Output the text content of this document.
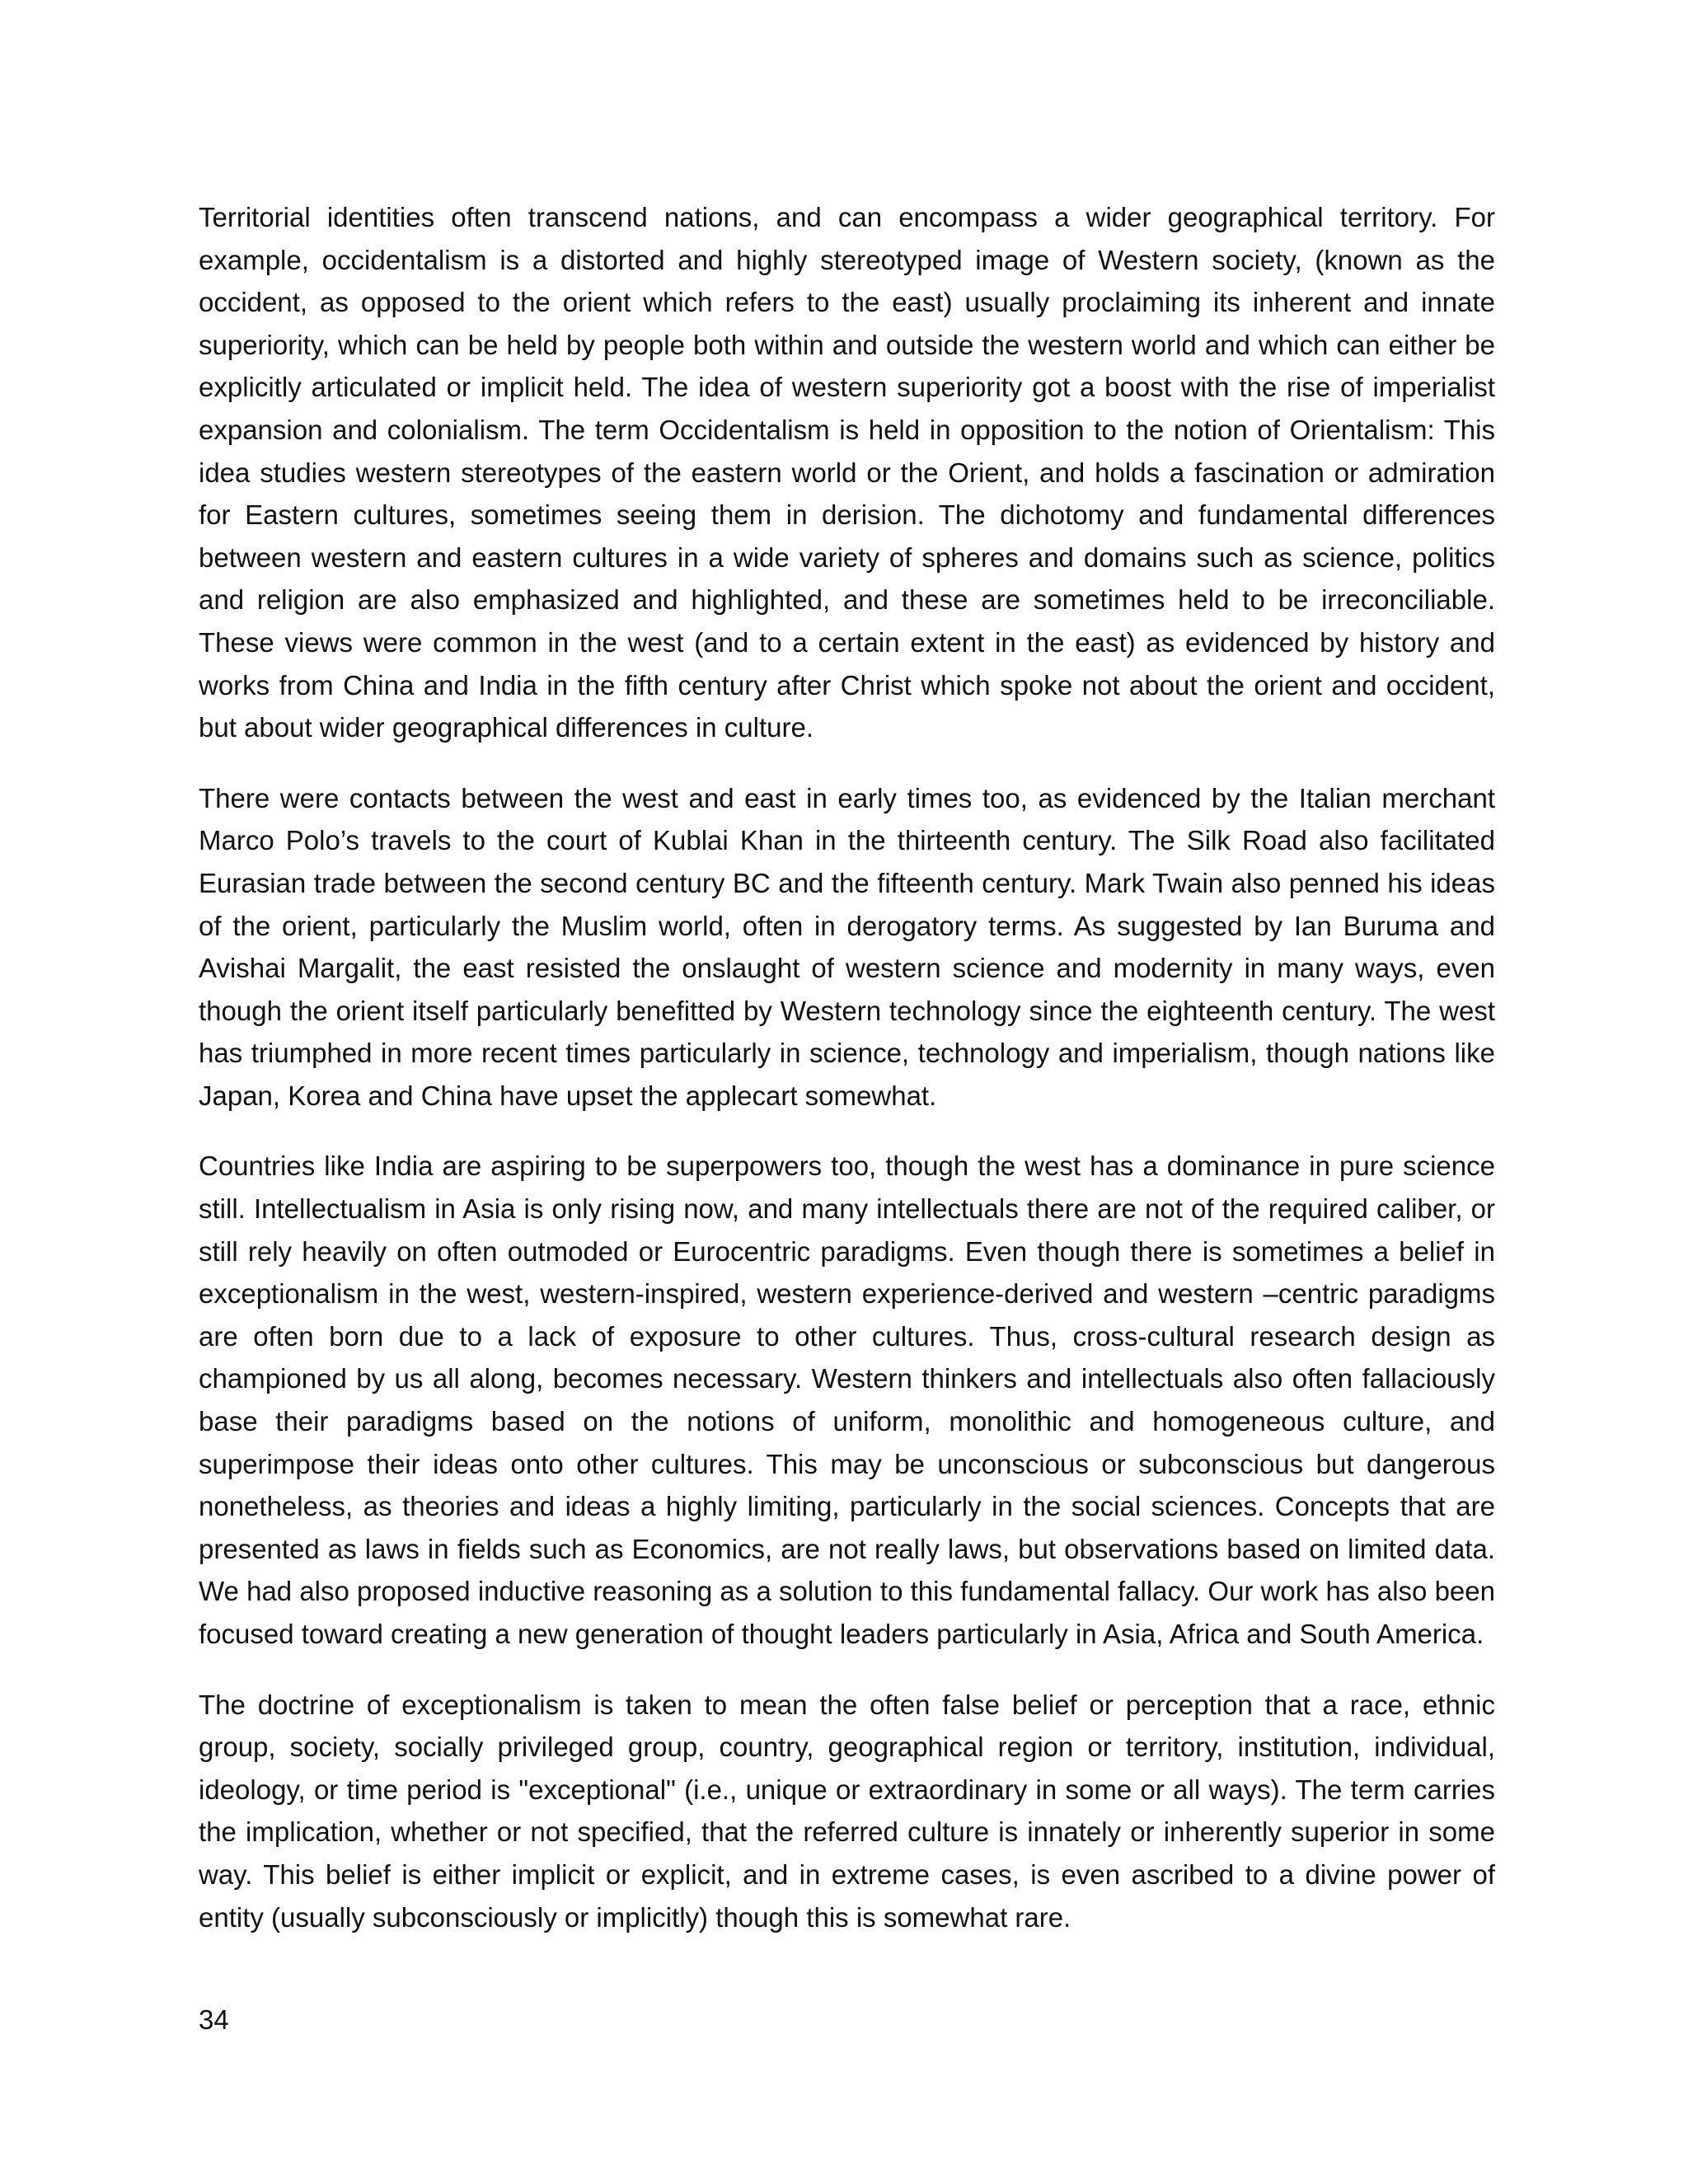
Territorial identities often transcend nations, and can encompass a wider geographical territory. For example, occidentalism is a distorted and highly stereotyped image of Western society, (known as the occident, as opposed to the orient which refers to the east) usually proclaiming its inherent and innate superiority, which can be held by people both within and outside the western world and which can either be explicitly articulated or implicit held. The idea of western superiority got a boost with the rise of imperialist expansion and colonialism. The term Occidentalism is held in opposition to the notion of Orientalism: This idea studies western stereotypes of the eastern world or the Orient, and holds a fascination or admiration for Eastern cultures, sometimes seeing them in derision. The dichotomy and fundamental differences between western and eastern cultures in a wide variety of spheres and domains such as science, politics and religion are also emphasized and highlighted, and these are sometimes held to be irreconciliable. These views were common in the west (and to a certain extent in the east) as evidenced by history and works from China and India in the fifth century after Christ which spoke not about the orient and occident, but about wider geographical differences in culture.

There were contacts between the west and east in early times too, as evidenced by the Italian merchant Marco Polo’s travels to the court of Kublai Khan in the thirteenth century. The Silk Road also facilitated Eurasian trade between the second century BC and the fifteenth century. Mark Twain also penned his ideas of the orient, particularly the Muslim world, often in derogatory terms. As suggested by Ian Buruma and Avishai Margalit, the east resisted the onslaught of western science and modernity in many ways, even though the orient itself particularly benefitted by Western technology since the eighteenth century. The west has triumphed in more recent times particularly in science, technology and imperialism, though nations like Japan, Korea and China have upset the applecart somewhat.

Countries like India are aspiring to be superpowers too, though the west has a dominance in pure science still. Intellectualism in Asia is only rising now, and many intellectuals there are not of the required caliber, or still rely heavily on often outmoded or Eurocentric paradigms. Even though there is sometimes a belief in exceptionalism in the west, western-inspired, western experience-derived and western –centric paradigms are often born due to a lack of exposure to other cultures. Thus, cross-cultural research design as championed by us all along, becomes necessary. Western thinkers and intellectuals also often fallaciously base their paradigms based on the notions of uniform, monolithic and homogeneous culture, and superimpose their ideas onto other cultures. This may be unconscious or subconscious but dangerous nonetheless, as theories and ideas a highly limiting, particularly in the social sciences. Concepts that are presented as laws in fields such as Economics, are not really laws, but observations based on limited data. We had also proposed inductive reasoning as a solution to this fundamental fallacy. Our work has also been focused toward creating a new generation of thought leaders particularly in Asia, Africa and South America.

The doctrine of exceptionalism is taken to mean the often false belief or perception that a race, ethnic group, society, socially privileged group, country, geographical region or territory, institution, individual, ideology, or time period is "exceptional" (i.e., unique or extraordinary in some or all ways). The term carries the implication, whether or not specified, that the referred culture is innately or inherently superior in some way. This belief is either implicit or explicit, and in extreme cases, is even ascribed to a divine power of entity (usually subconsciously or implicitly) though this is somewhat rare.

34
